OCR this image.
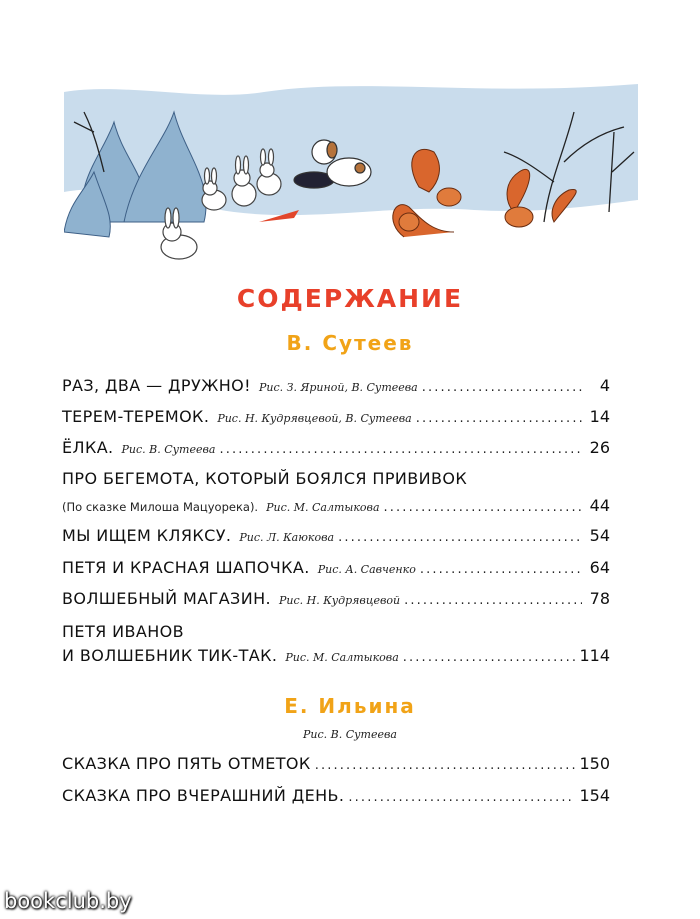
СОДЕРЖАНИЕ
В. Сутеев
РАЗ, ДВА — ДРУЖНО! Рис. З. Яриной, В. Сутеева . . .	4
ТЕРЕМ-ТЕРЕМОК. Рис. Н. Кудрявцевой, В. Сутеева . . .	14
ЁЛКА. Рис. В. Сутеева . . .	26
ПРО БЕГЕМОТА, КОТОРЫЙ БОЯЛСЯ ПРИВИВОК
(По сказке Милоша Мацуорека). Рис. М. Салтыкова . . .	44
МЫ ИЩЕМ КЛЯКСУ. Рис. Л. Каюкова . . .	54
ПЕТЯ И КРАСНАЯ ШАПОЧКА. Рис. А. Савченко . . .	64
ВОЛШЕБНЫЙ МАГАЗИН. Рис. Н. Кудрявцевой . . .	78
ПЕТЯ ИВАНОВ
И ВОЛШЕБНИК ТИК-ТАК. Рис. М. Салтыкова . . .	114
Е. Ильина
Рис. В. Сутеева
СКАЗКА ПРО ПЯТЬ ОТМЕТОК . . .	150
СКАЗКА ПРО ВЧЕРАШНИЙ ДЕНЬ. . . .	154
bookclub.by
